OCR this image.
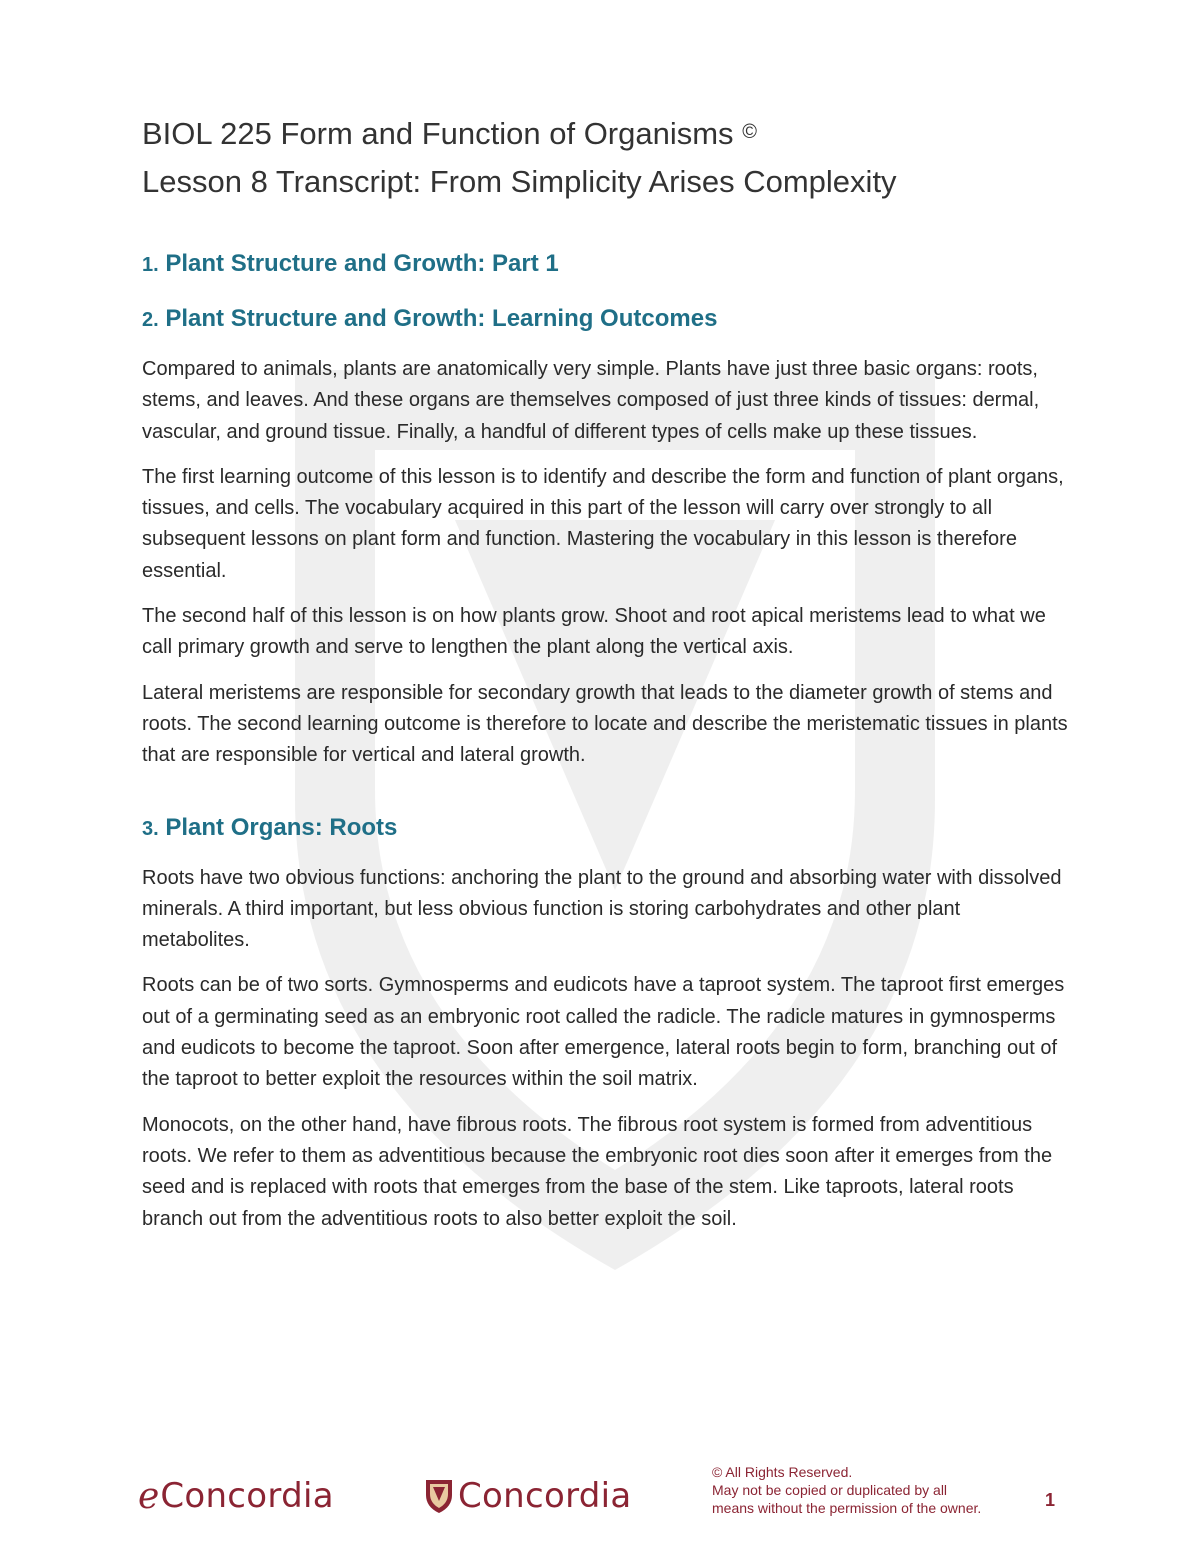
BIOL 225 Form and Function of Organisms ©
Lesson 8 Transcript: From Simplicity Arises Complexity
1. Plant Structure and Growth: Part 1
2. Plant Structure and Growth: Learning Outcomes

Compared to animals, plants are anatomically very simple. Plants have just three basic organs: roots, stems, and leaves. And these organs are themselves composed of just three kinds of tissues: dermal, vascular, and ground tissue. Finally, a handful of different types of cells make up these tissues.

The first learning outcome of this lesson is to identify and describe the form and function of plant organs, tissues, and cells. The vocabulary acquired in this part of the lesson will carry over strongly to all subsequent lessons on plant form and function. Mastering the vocabulary in this lesson is therefore essential.

The second half of this lesson is on how plants grow. Shoot and root apical meristems lead to what we call primary growth and serve to lengthen the plant along the vertical axis.

Lateral meristems are responsible for secondary growth that leads to the diameter growth of stems and roots. The second learning outcome is therefore to locate and describe the meristematic tissues in plants that are responsible for vertical and lateral growth.

3. Plant Organs: Roots

Roots have two obvious functions: anchoring the plant to the ground and absorbing water with dissolved minerals. A third important, but less obvious function is storing carbohydrates and other plant metabolites.

Roots can be of two sorts. Gymnosperms and eudicots have a taproot system. The taproot first emerges out of a germinating seed as an embryonic root called the radicle. The radicle matures in gymnosperms and eudicots to become the taproot. Soon after emergence, lateral roots begin to form, branching out of the taproot to better exploit the resources within the soil matrix.

Monocots, on the other hand, have fibrous roots. The fibrous root system is formed from adventitious roots. We refer to them as adventitious because the embryonic root dies soon after it emerges from the seed and is replaced with roots that emerges from the base of the stem. Like taproots, lateral roots branch out from the adventitious roots to also better exploit the soil.

e Concordia	Concordia
© All Rights Reserved.
May not be copied or duplicated by all
means without the permission of the owner.	1
